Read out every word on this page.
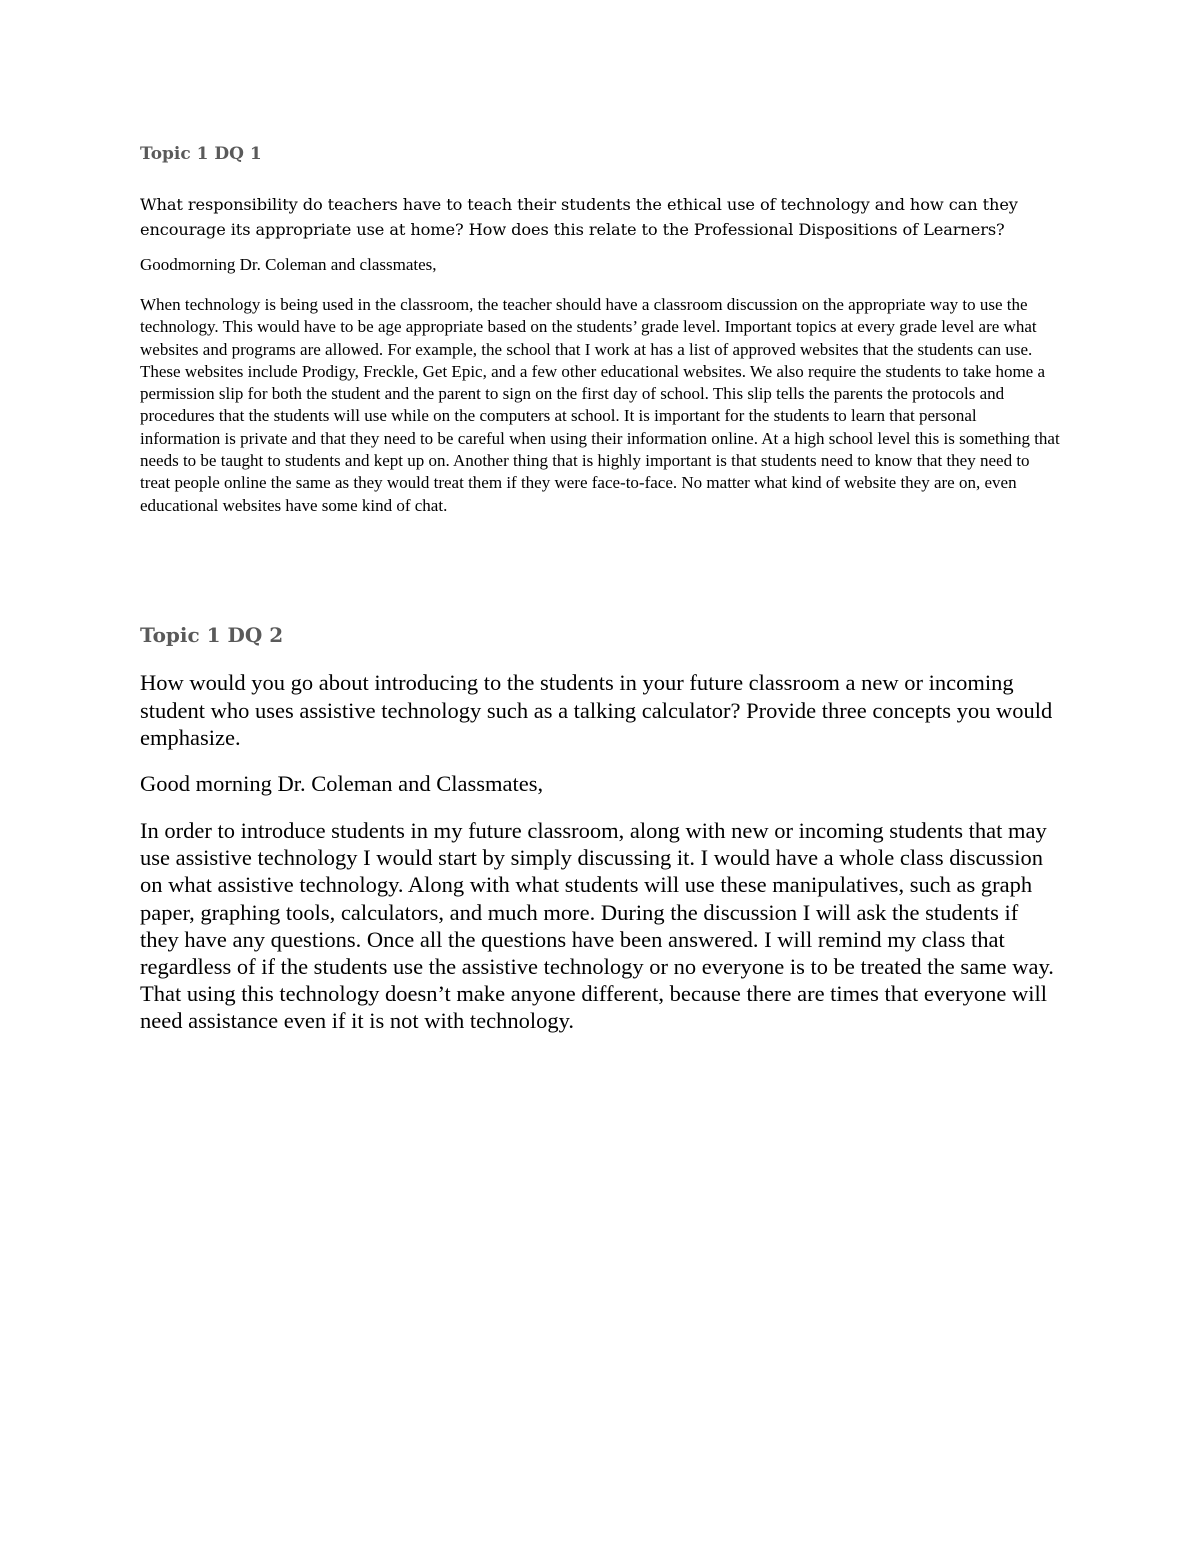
Topic 1 DQ 1

What responsibility do teachers have to teach their students the ethical use of technology and how can they encourage its appropriate use at home? How does this relate to the Professional Dispositions of Learners?

Goodmorning Dr. Coleman and classmates,

When technology is being used in the classroom, the teacher should have a classroom discussion on the appropriate way to use the technology. This would have to be age appropriate based on the students’ grade level. Important topics at every grade level are what websites and programs are allowed. For example, the school that I work at has a list of approved websites that the students can use. These websites include Prodigy, Freckle, Get Epic, and a few other educational websites. We also require the students to take home a permission slip for both the student and the parent to sign on the first day of school. This slip tells the parents the protocols and procedures that the students will use while on the computers at school. It is important for the students to learn that personal information is private and that they need to be careful when using their information online. At a high school level this is something that needs to be taught to students and kept up on. Another thing that is highly important is that students need to know that they need to treat people online the same as they would treat them if they were face-to-face. No matter what kind of website they are on, even educational websites have some kind of chat.

Topic 1 DQ 2

How would you go about introducing to the students in your future classroom a new or incoming student who uses assistive technology such as a talking calculator? Provide three concepts you would emphasize.

Good morning Dr. Coleman and Classmates,

In order to introduce students in my future classroom, along with new or incoming students that may use assistive technology I would start by simply discussing it. I would have a whole class discussion on what assistive technology. Along with what students will use these manipulatives, such as graph paper, graphing tools, calculators, and much more. During the discussion I will ask the students if they have any questions. Once all the questions have been answered. I will remind my class that regardless of if the students use the assistive technology or no everyone is to be treated the same way. That using this technology doesn’t make anyone different, because there are times that everyone will need assistance even if it is not with technology.
